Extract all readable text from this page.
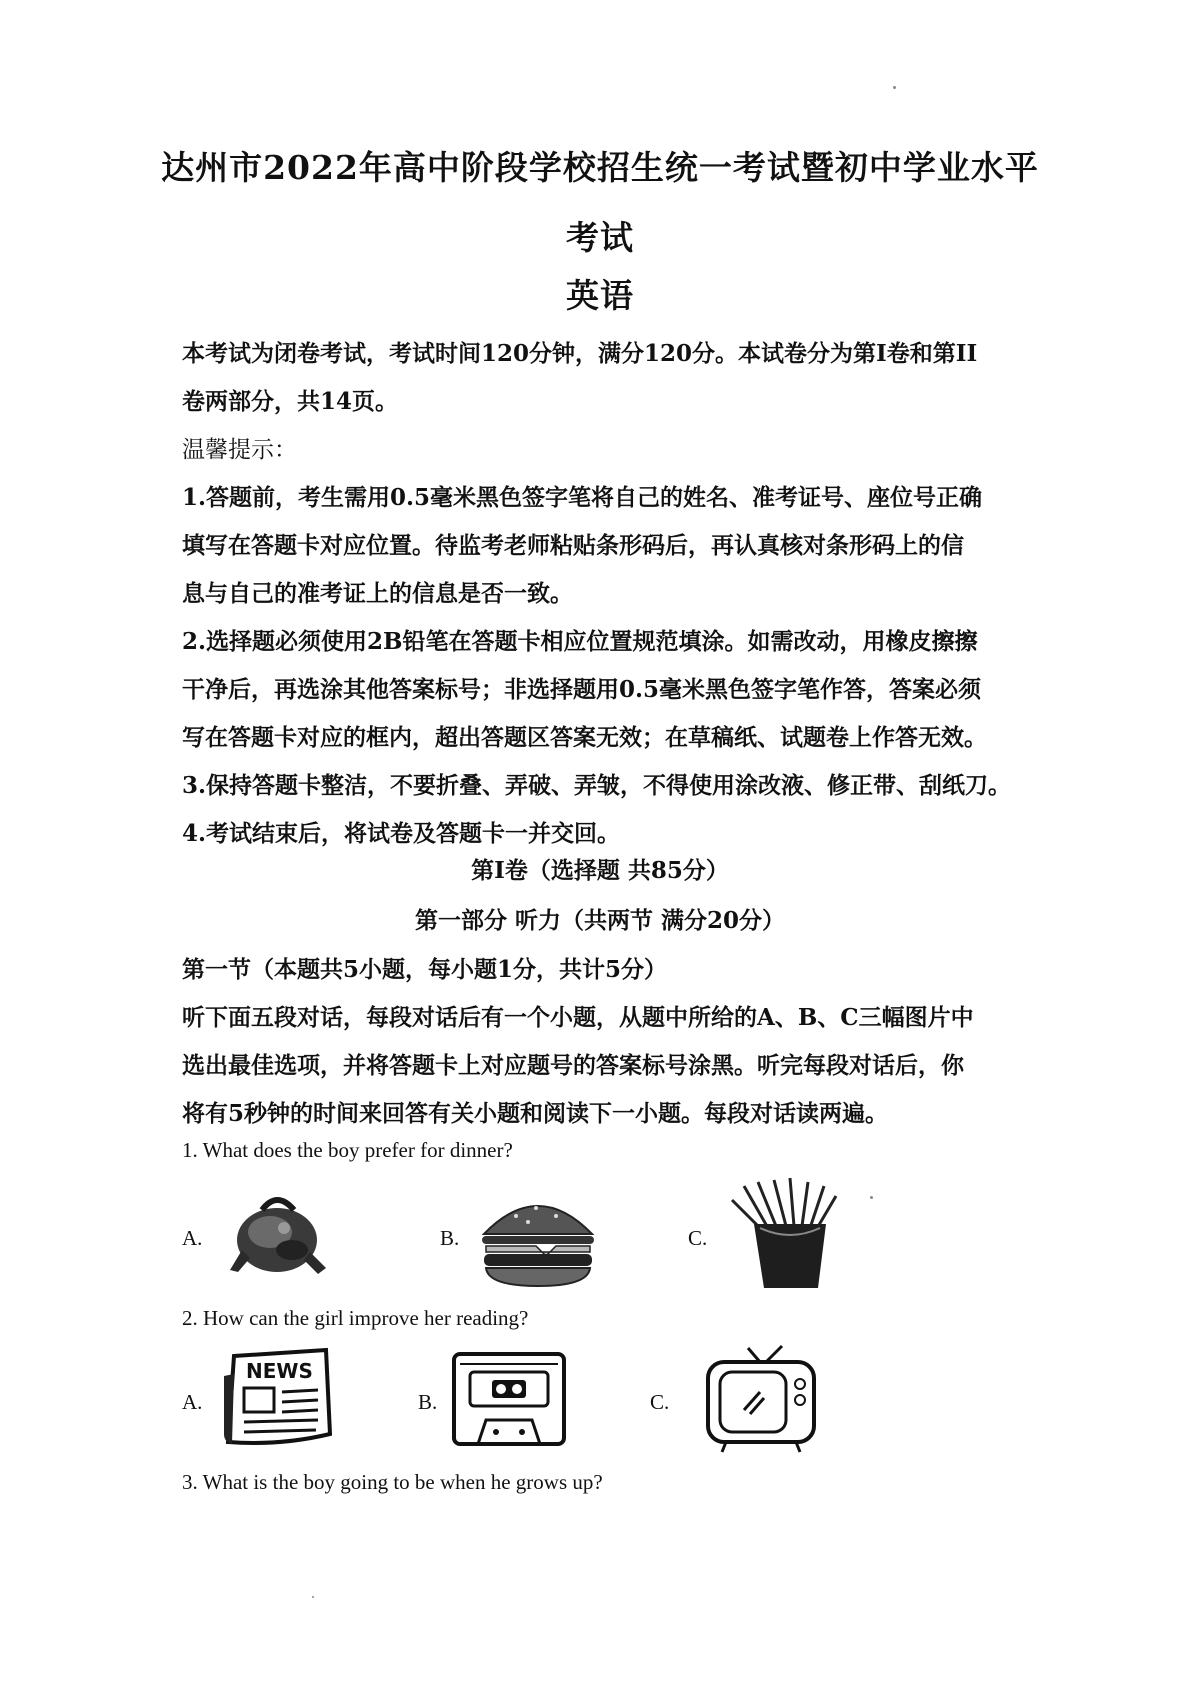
达州市2022年高中阶段学校招生统一考试暨初中学业水平
考试
英语

本考试为闭卷考试，考试时间120分钟，满分120分。本试卷分为第I卷和第II

卷两部分，共14页。

温馨提示：

1.答题前，考生需用0.5毫米黑色签字笔将自己的姓名、准考证号、座位号正确

填写在答题卡对应位置。待监考老师粘贴条形码后，再认真核对条形码上的信

息与自己的准考证上的信息是否一致。

2.选择题必须使用2B铅笔在答题卡相应位置规范填涂。如需改动，用橡皮擦擦

干净后，再选涂其他答案标号；非选择题用0.5毫米黑色签字笔作答，答案必须

写在答题卡对应的框内，超出答题区答案无效；在草稿纸、试题卷上作答无效。

3.保持答题卡整洁，不要折叠、弄破、弄皱，不得使用涂改液、修正带、刮纸刀。

4.考试结束后，将试卷及答题卡一并交回。

第I卷（选择题 共85分）
第一部分 听力（共两节 满分20分）
第一节（本题共5小题，每小题1分，共计5分）

听下面五段对话，每段对话后有一个小题，从题中所给的A、B、C三幅图片中

选出最佳选项，并将答题卡上对应题号的答案标号涂黑。听完每段对话后，你

将有5秒钟的时间来回答有关小题和阅读下一小题。每段对话读两遍。

1. What does the boy prefer for dinner?
A.	B.	C.
2. How can the girl improve her reading?
A.
NEWS
B.	C.
3. What is the boy going to be when he grows up?
